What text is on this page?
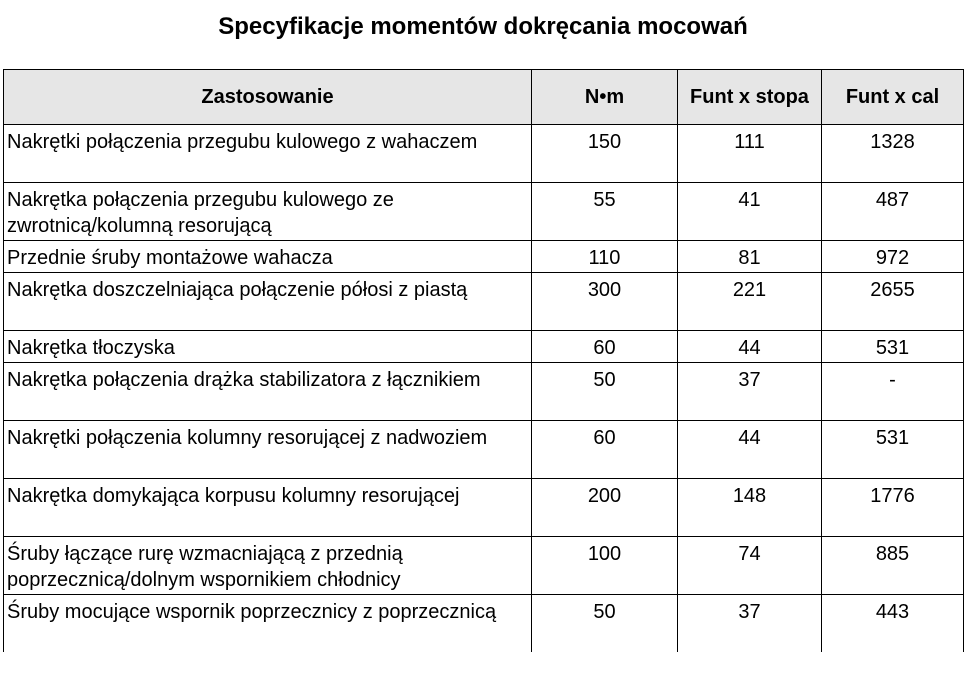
Specyfikacje momentów dokręcania mocowań
Zastosowanie	N•m	Funt x stopa	Funt x cal
Nakrętki połączenia przegubu kulowego z wahaczem	150	111	1328
Nakrętka połączenia przegubu kulowego ze zwrotnicą/kolumną resorującą	55	41	487
Przednie śruby montażowe wahacza	110	81	972
Nakrętka doszczelniająca połączenie półosi z piastą	300	221	2655
Nakrętka tłoczyska	60	44	531
Nakrętka połączenia drążka stabilizatora z łącznikiem	50	37	-
Nakrętki połączenia kolumny resorującej z nadwoziem	60	44	531
Nakrętka domykająca korpusu kolumny resorującej	200	148	1776
Śruby łączące rurę wzmacniającą z przednią poprzecznicą/dolnym wspornikiem chłodnicy	100	74	885
Śruby mocujące wspornik poprzecznicy z poprzecznicą	50	37	443
